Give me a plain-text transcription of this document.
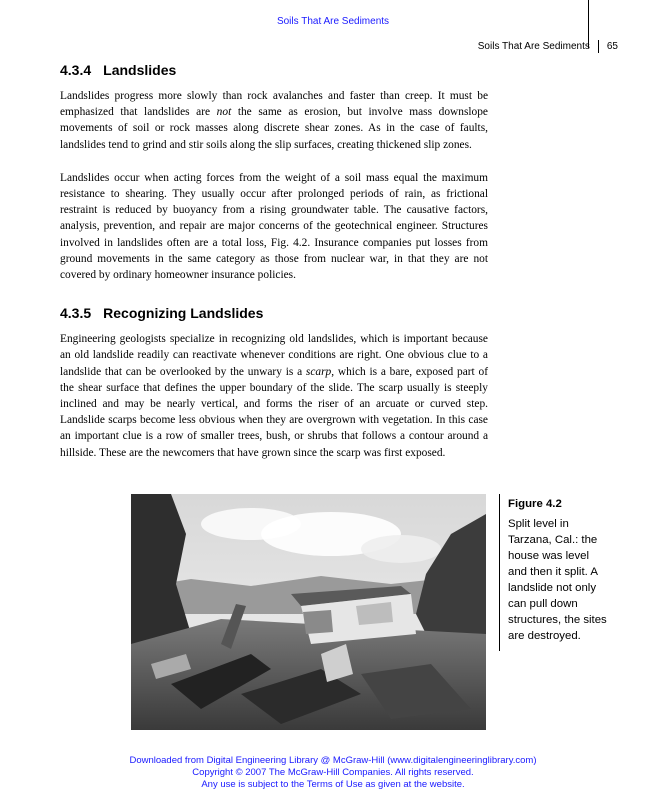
Soils That Are Sediments
Soils That Are Sediments 65
4.3.4 Landslides

Landslides progress more slowly than rock avalanches and faster than creep. It must be emphasized that landslides are not the same as erosion, but involve mass downslope movements of soil or rock masses along discrete shear zones. As in the case of faults, landslides tend to grind and stir soils along the slip surfaces, creating thickened slip zones.

Landslides occur when acting forces from the weight of a soil mass equal the maximum resistance to shearing. They usually occur after prolonged periods of rain, as frictional restraint is reduced by buoyancy from a rising groundwater table. The causative factors, analysis, prevention, and repair are major concerns of the geotechnical engineer. Structures involved in landslides often are a total loss, Fig. 4.2. Insurance companies put losses from ground movements in the same category as those from nuclear war, in that they are not covered by ordinary homeowner insurance policies.

4.3.5 Recognizing Landslides

Engineering geologists specialize in recognizing old landslides, which is important because an old landslide readily can reactivate whenever conditions are right. One obvious clue to a landslide that can be overlooked by the unwary is a scarp, which is a bare, exposed part of the shear surface that defines the upper boundary of the slide. The scarp usually is steeply inclined and may be nearly vertical, and forms the riser of an arcuate or curved step. Landslide scarps become less obvious when they are overgrown with vegetation. In this case an important clue is a row of smaller trees, bush, or shrubs that follows a contour around a hillside. These are the newcomers that have grown since the scarp was first exposed.

Figure 4.2
Split level in Tarzana, Cal.: the house was level and then it split. A landslide not only can pull down structures, the sites are destroyed.
Downloaded from Digital Engineering Library @ McGraw-Hill (www.digitalengineeringlibrary.com)
Copyright © 2007 The McGraw-Hill Companies. All rights reserved.
Any use is subject to the Terms of Use as given at the website.
